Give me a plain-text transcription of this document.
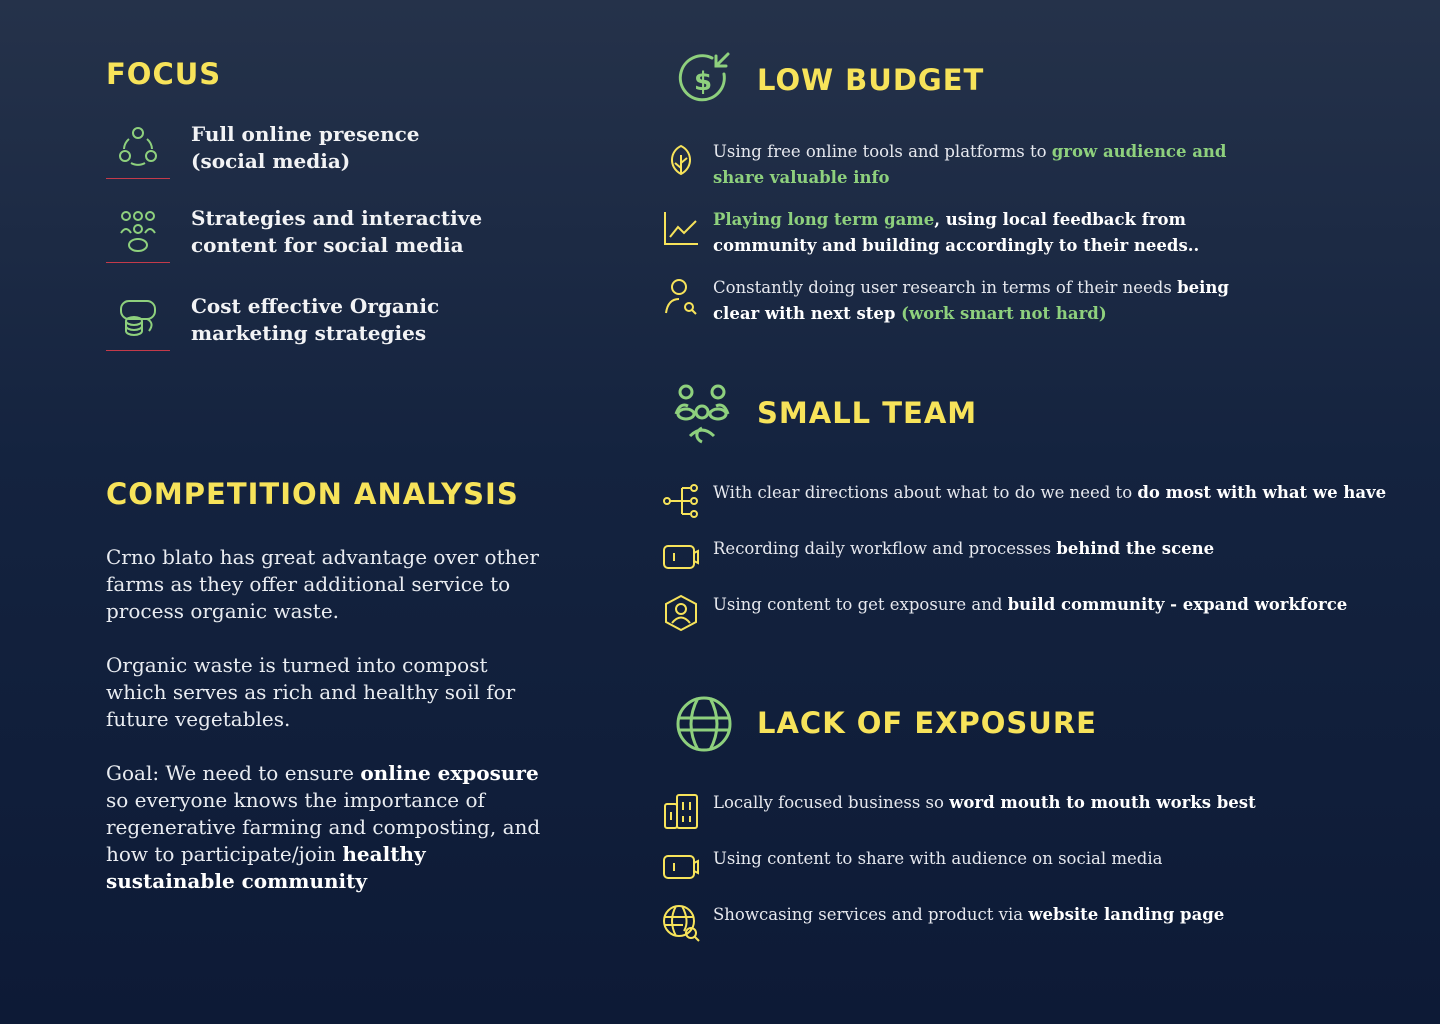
FOCUS
Full online presence
(social media)
Strategies and interactive
content for social media
Cost effective Organic
marketing strategies
COMPETITION ANALYSIS

Crno blato has great advantage over other farms as they offer additional service to process organic waste.

Organic waste is turned into compost which serves as rich and healthy soil for future vegetables.

Goal: We need to ensure online exposure so everyone knows the importance of regenerative farming and composting, and how to participate/join healthy sustainable community

$ LOW BUDGET
Using free online tools and platforms to grow audience and share valuable info
Playing long term game, using local feedback from community and building accordingly to their needs..
Constantly doing user research in terms of their needs being clear with next step (work smart not hard)
SMALL TEAM
With clear directions about what to do we need to do most with what we have
Recording daily workflow and processes behind the scene
Using content to get exposure and build community - expand workforce
LACK OF EXPOSURE
Locally focused business so word mouth to mouth works best
Using content to share with audience on social media
Showcasing services and product via website landing page
